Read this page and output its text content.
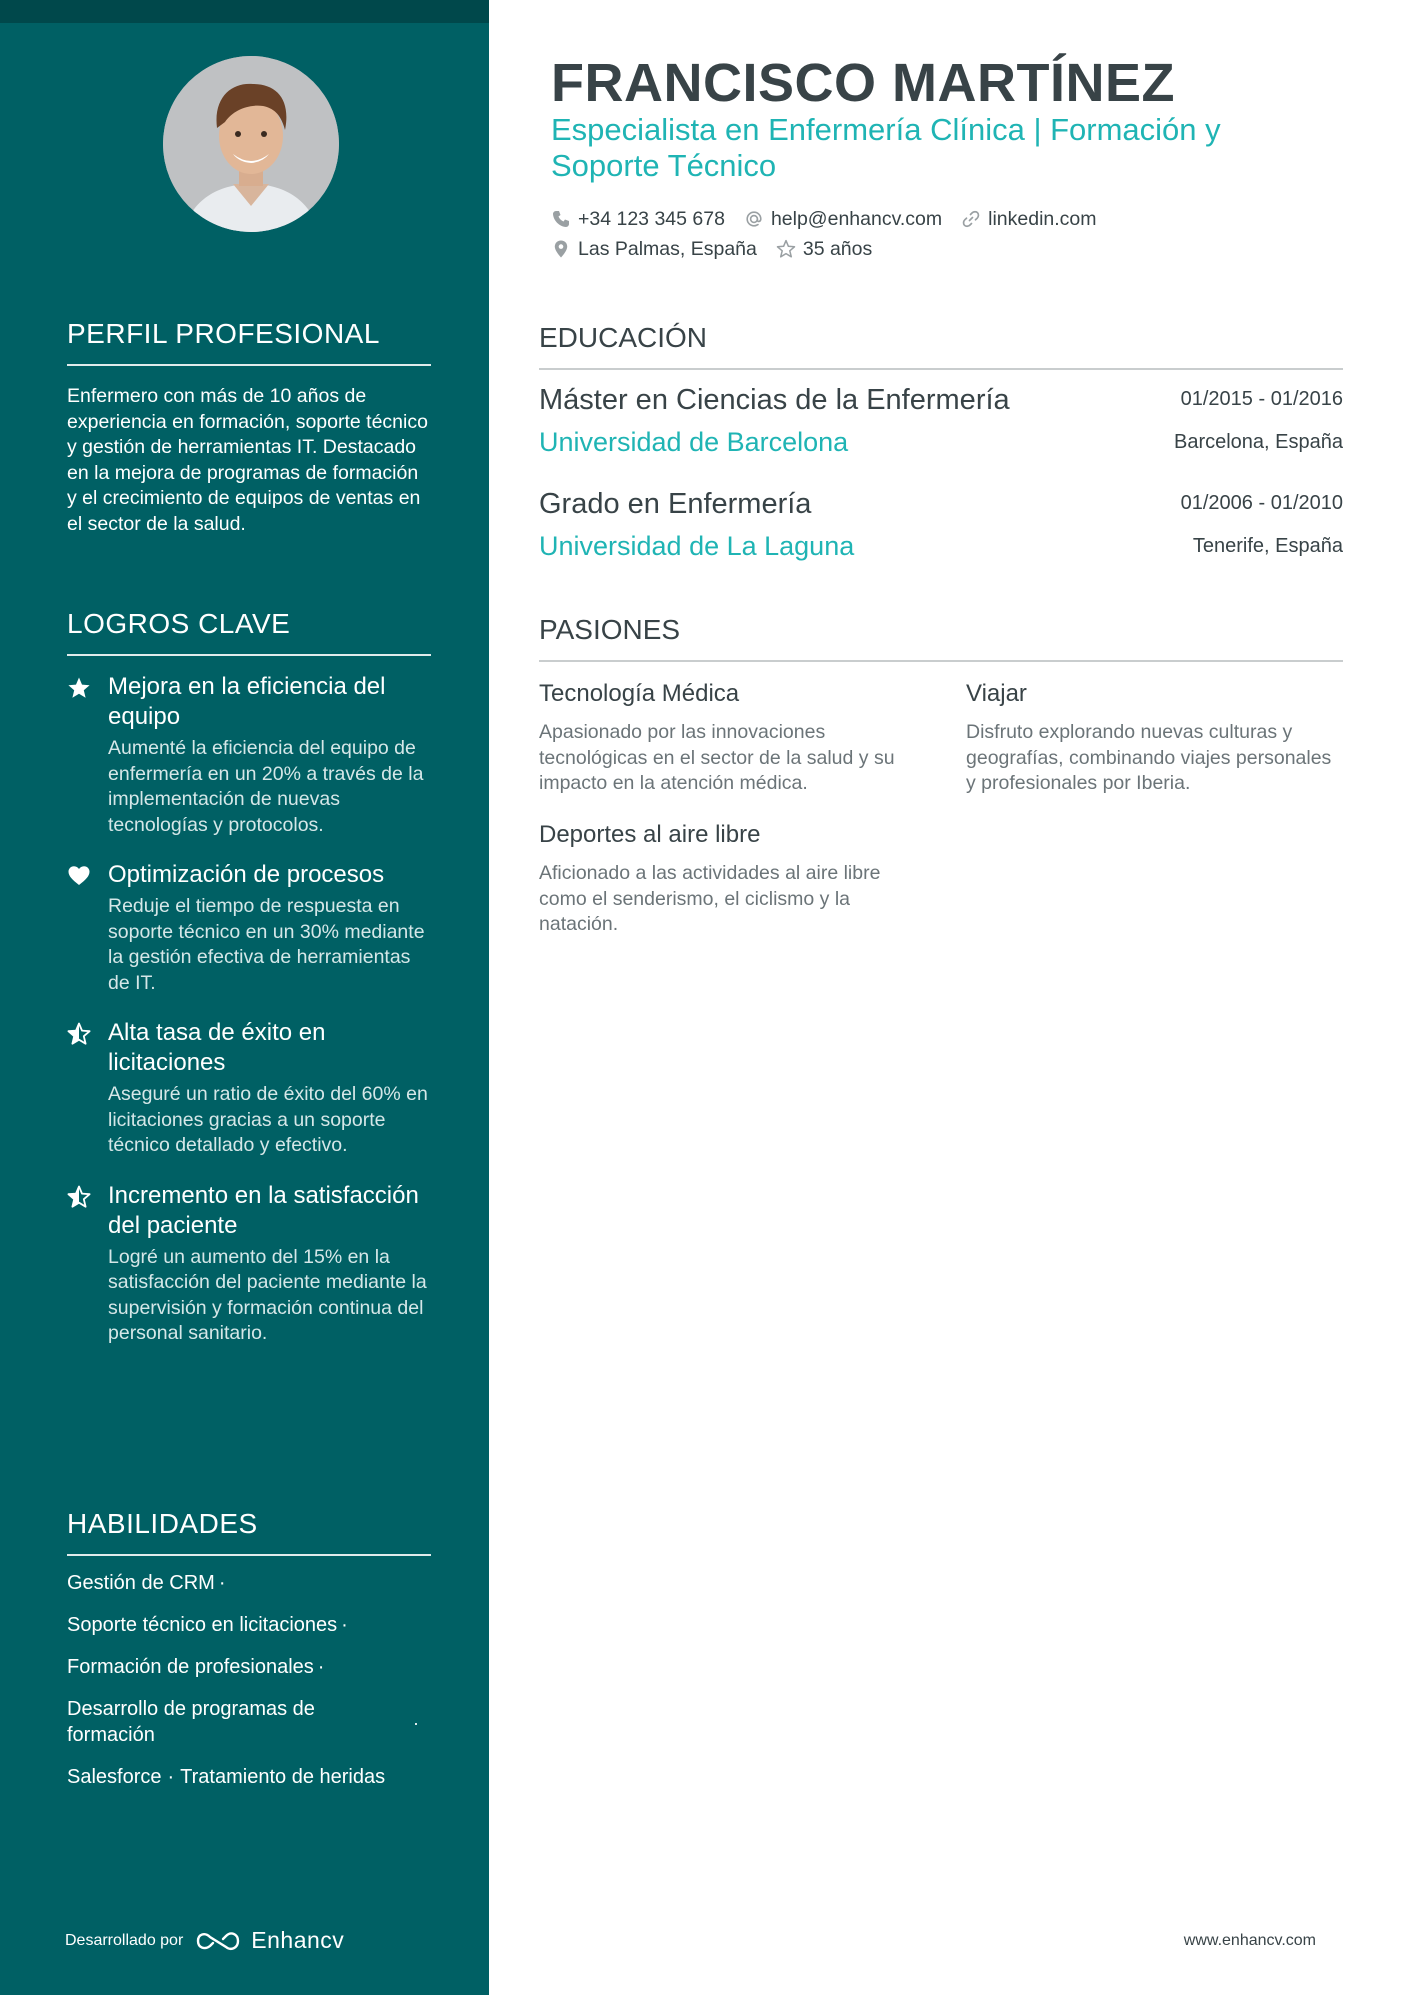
PERFIL PROFESIONAL
Enfermero con más de 10 años de experiencia en formación, soporte técnico y gestión de herramientas IT. Destacado en la mejora de programas de formación y el crecimiento de equipos de ventas en el sector de la salud.
LOGROS CLAVE
Mejora en la eficiencia del equipo
Aumenté la eficiencia del equipo de enfermería en un 20% a través de la implementación de nuevas tecnologías y protocolos.
Optimización de procesos
Reduje el tiempo de respuesta en soporte técnico en un 30% mediante la gestión efectiva de herramientas de IT.
Alta tasa de éxito en licitaciones
Aseguré un ratio de éxito del 60% en licitaciones gracias a un soporte técnico detallado y efectivo.
Incremento en la satisfacción del paciente
Logré un aumento del 15% en la satisfacción del paciente mediante la supervisión y formación continua del personal sanitario.
HABILIDADES
Gestión de CRM ·
Soporte técnico en licitaciones ·
Formación de profesionales ·
Desarrollo de programas de formación
·
Salesforce · Tratamiento de heridas
Desarrollado por	Enhancv
FRANCISCO MARTÍNEZ
Especialista en Enfermería Clínica | Formación y Soporte Técnico
+34 123 345 678 help@enhancv.com linkedin.com
Las Palmas, España 35 años
EDUCACIÓN
Máster en Ciencias de la Enfermería
Universidad de Barcelona
01/2015 - 01/2016
Barcelona, España
Grado en Enfermería
Universidad de La Laguna
01/2006 - 01/2010
Tenerife, España
PASIONES
Tecnología Médica
Apasionado por las innovaciones tecnológicas en el sector de la salud y su impacto en la atención médica.
Viajar
Disfruto explorando nuevas culturas y geografías, combinando viajes personales y profesionales por Iberia.
Deportes al aire libre
Aficionado a las actividades al aire libre como el senderismo, el ciclismo y la natación.
www.enhancv.com
